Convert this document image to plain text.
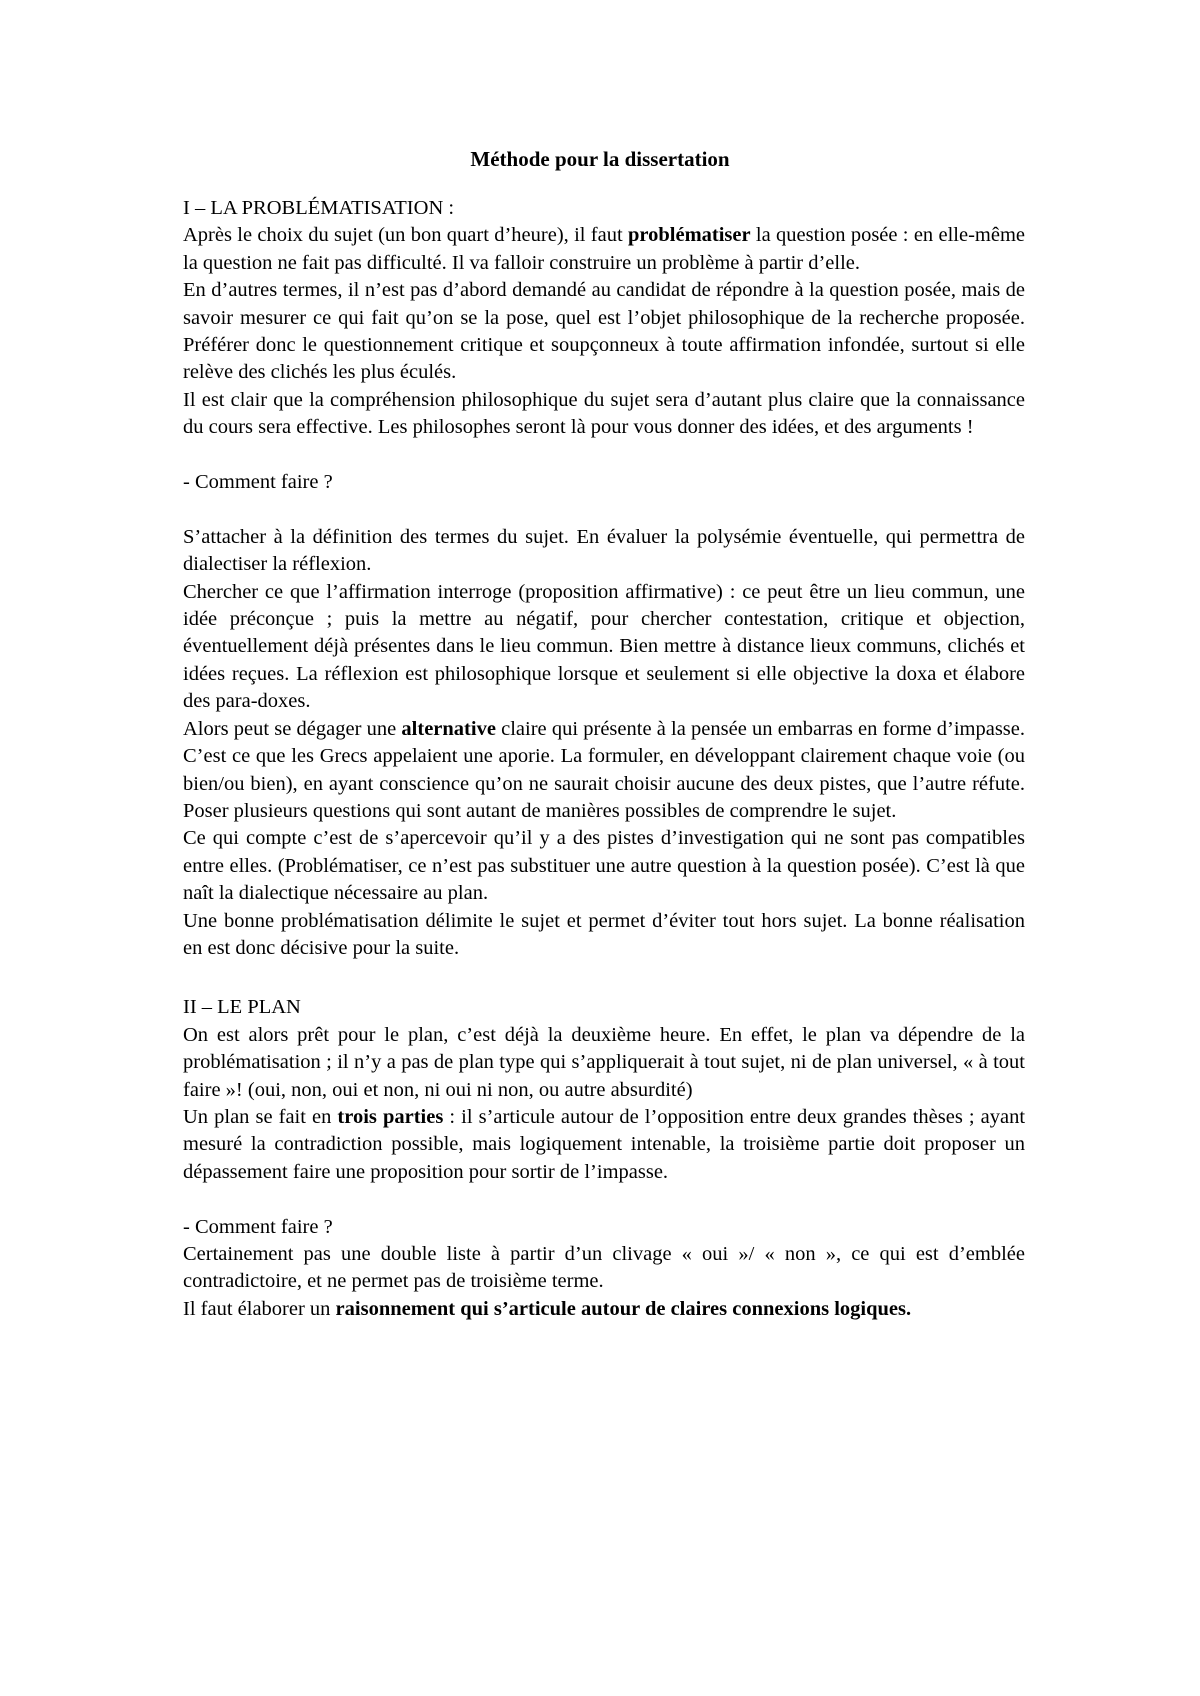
Méthode pour la dissertation

I – LA PROBLÉMATISATION :

Après le choix du sujet (un bon quart d’heure), il faut problématiser la question posée : en elle-même la question ne fait pas difficulté. Il va falloir construire un problème à partir d’elle.

En d’autres termes, il n’est pas d’abord demandé au candidat de répondre à la question posée, mais de savoir mesurer ce qui fait qu’on se la pose, quel est l’objet philosophique de la recherche proposée. Préférer donc le questionnement critique et soupçonneux à toute affirmation infondée, surtout si elle relève des clichés les plus éculés.

Il est clair que la compréhension philosophique du sujet sera d’autant plus claire que la connaissance du cours sera effective. Les philosophes seront là pour vous donner des idées, et des arguments !

- Comment faire ?

S’attacher à la définition des termes du sujet. En évaluer la polysémie éventuelle, qui permettra de dialectiser la réflexion.

Chercher ce que l’affirmation interroge (proposition affirmative) : ce peut être un lieu commun, une idée préconçue ; puis la mettre au négatif, pour chercher contestation, critique et objection, éventuellement déjà présentes dans le lieu commun. Bien mettre à distance lieux communs, clichés et idées reçues. La réflexion est philosophique lorsque et seulement si elle objective la doxa et élabore des para-doxes.

Alors peut se dégager une alternative claire qui présente à la pensée un embarras en forme d’impasse. C’est ce que les Grecs appelaient une aporie. La formuler, en développant clairement chaque voie (ou bien/ou bien), en ayant conscience qu’on ne saurait choisir aucune des deux pistes, que l’autre réfute. Poser plusieurs questions qui sont autant de manières possibles de comprendre le sujet.

Ce qui compte c’est de s’apercevoir qu’il y a des pistes d’investigation qui ne sont pas compatibles entre elles. (Problématiser, ce n’est pas substituer une autre question à la question posée). C’est là que naît la dialectique nécessaire au plan.

Une bonne problématisation délimite le sujet et permet d’éviter tout hors sujet. La bonne réalisation en est donc décisive pour la suite.

II – LE PLAN

On est alors prêt pour le plan, c’est déjà la deuxième heure. En effet, le plan va dépendre de la problématisation ; il n’y a pas de plan type qui s’appliquerait à tout sujet, ni de plan universel, « à tout faire »! (oui, non, oui et non, ni oui ni non, ou autre absurdité)

Un plan se fait en trois parties : il s’articule autour de l’opposition entre deux grandes thèses ; ayant mesuré la contradiction possible, mais logiquement intenable, la troisième partie doit proposer un dépassement faire une proposition pour sortir de l’impasse.

- Comment faire ?

Certainement pas une double liste à partir d’un clivage « oui »/ « non », ce qui est d’emblée contradictoire, et ne permet pas de troisième terme.

Il faut élaborer un raisonnement qui s’articule autour de claires connexions logiques.
